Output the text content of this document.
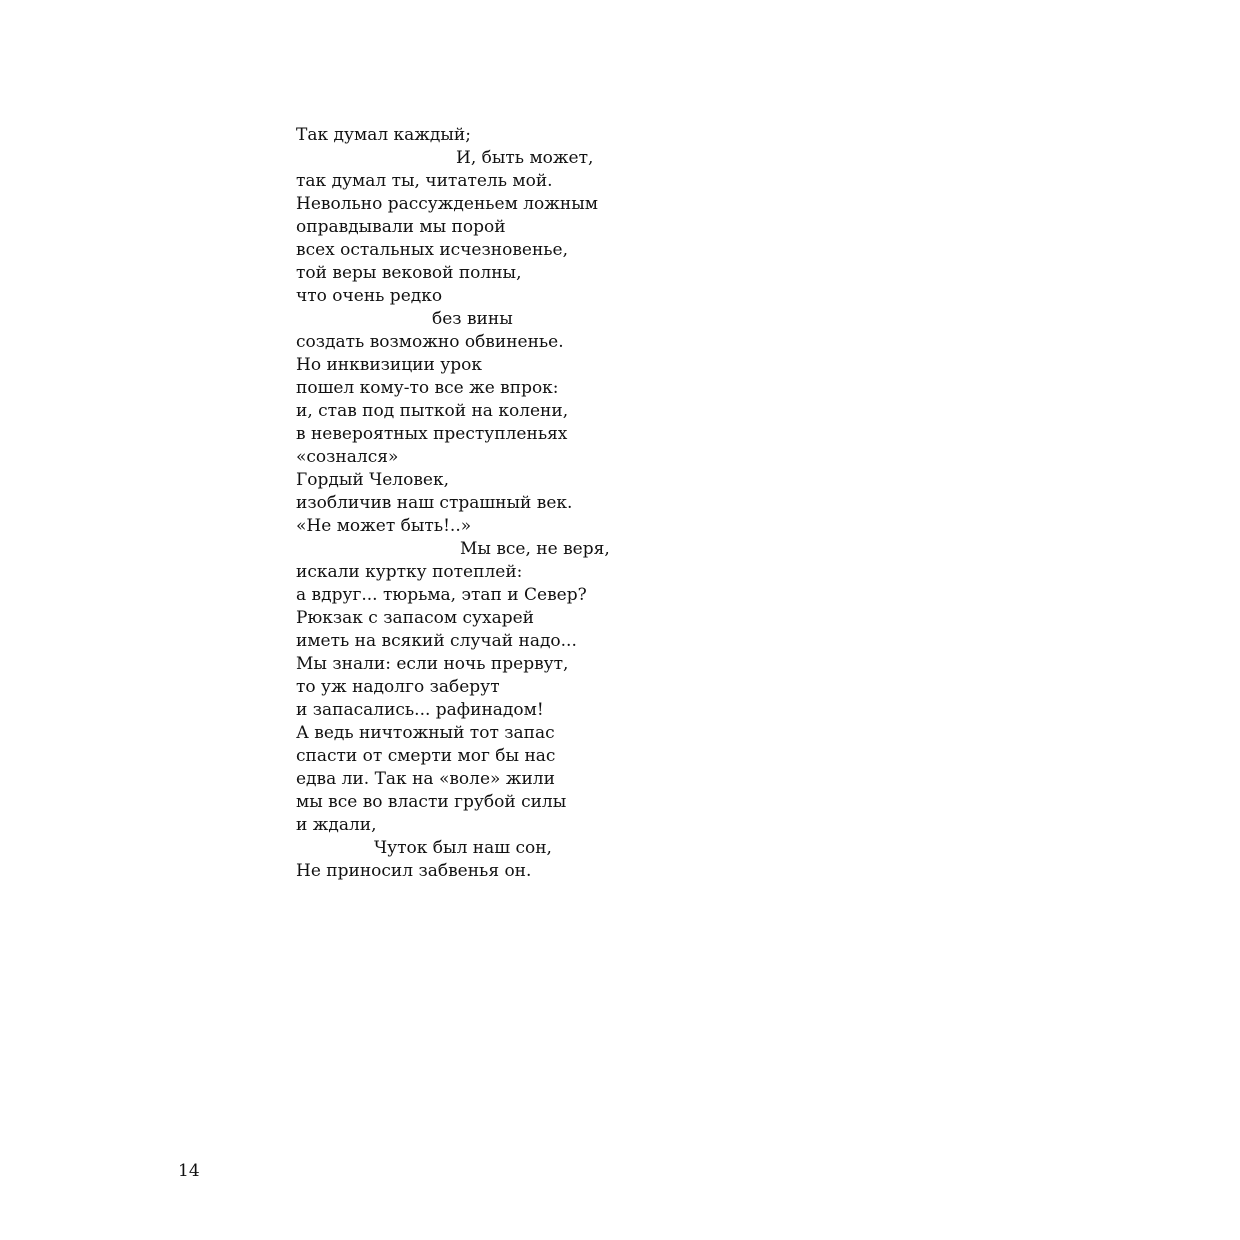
Так думал каждый;
И, быть может,
так думал ты, читатель мой.
Невольно рассужденьем ложным
оправдывали мы порой
всех остальных исчезновенье,
той веры вековой полны,
что очень редко
без вины
создать возможно обвиненье.
Но инквизиции урок
пошел кому-то все же впрок:
и, став под пыткой на колени,
в невероятных преступленьях
«сознался»
Гордый Человек,
изобличив наш страшный век.
«Не может быть!..»
Мы все, не веря,
искали куртку потеплей:
а вдруг... тюрьма, этап и Север?
Рюкзак с запасом сухарей
иметь на всякий случай надо...
Мы знали: если ночь прервут,
то уж надолго заберут
и запасались... рафинадом!
А ведь ничтожный тот запас
спасти от смерти мог бы нас
едва ли. Так на «воле» жили
мы все во власти грубой силы
и ждали,
Чуток был наш сон,
Не приносил забвенья он.
14
